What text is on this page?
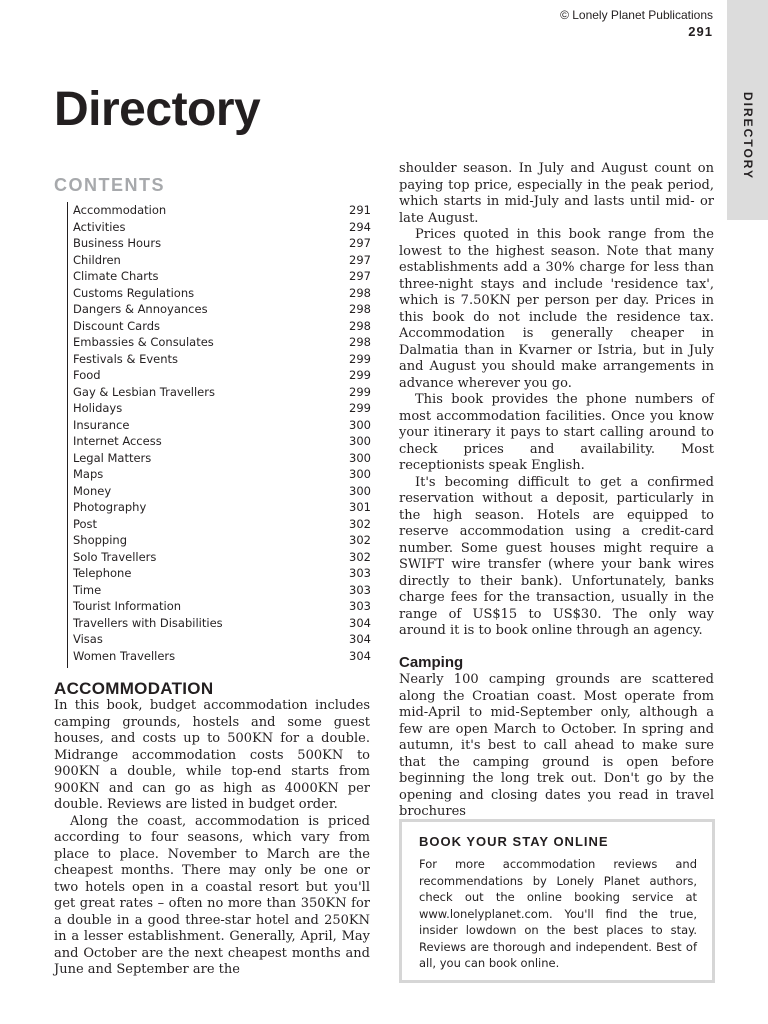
© Lonely Planet Publications
291
DIRECTORY
Directory
CONTENTS
Accommodation	291
Activities	294
Business Hours	297
Children	297
Climate Charts	297
Customs Regulations	298
Dangers & Annoyances	298
Discount Cards	298
Embassies & Consulates	298
Festivals & Events	299
Food	299
Gay & Lesbian Travellers	299
Holidays	299
Insurance	300
Internet Access	300
Legal Matters	300
Maps	300
Money	300
Photography	301
Post	302
Shopping	302
Solo Travellers	302
Telephone	303
Time	303
Tourist Information	303
Travellers with Disabilities	304
Visas	304
Women Travellers	304
ACCOMMODATION

In this book, budget accommodation includes camping grounds, hostels and some guest houses, and costs up to 500KN for a double. Midrange accommodation costs 500KN to 900KN a double, while top-end starts from 900KN and can go as high as 4000KN per double. Reviews are listed in budget order.

Along the coast, accommodation is priced according to four seasons, which vary from place to place. November to March are the cheapest months. There may only be one or two hotels open in a coastal resort but you'll get great rates – often no more than 350KN for a double in a good three-star hotel and 250KN in a lesser establishment. Generally, April, May and October are the next cheapest months and June and September are the

shoulder season. In July and August count on paying top price, especially in the peak period, which starts in mid-July and lasts until mid- or late August.

Prices quoted in this book range from the lowest to the highest season. Note that many establishments add a 30% charge for less than three-night stays and include 'residence tax', which is 7.50KN per person per day. Prices in this book do not include the residence tax. Accommodation is generally cheaper in Dalmatia than in Kvarner or Istria, but in July and August you should make arrangements in advance wherever you go.

This book provides the phone numbers of most accommodation facilities. Once you know your itinerary it pays to start calling around to check prices and availability. Most receptionists speak English.

It's becoming difficult to get a confirmed reservation without a deposit, particularly in the high season. Hotels are equipped to reserve accommodation using a credit-card number. Some guest houses might require a SWIFT wire transfer (where your bank wires directly to their bank). Unfortunately, banks charge fees for the transaction, usually in the range of US$15 to US$30. The only way around it is to book online through an agency.

Camping

Nearly 100 camping grounds are scattered along the Croatian coast. Most operate from mid-April to mid-September only, although a few are open March to October. In spring and autumn, it's best to call ahead to make sure that the camping ground is open before beginning the long trek out. Don't go by the opening and closing dates you read in travel brochures

BOOK YOUR STAY ONLINE
For more accommodation reviews and recommendations by Lonely Planet authors, check out the online booking service at www.lonelyplanet.com. You'll find the true, insider lowdown on the best places to stay. Reviews are thorough and independent. Best of all, you can book online.
